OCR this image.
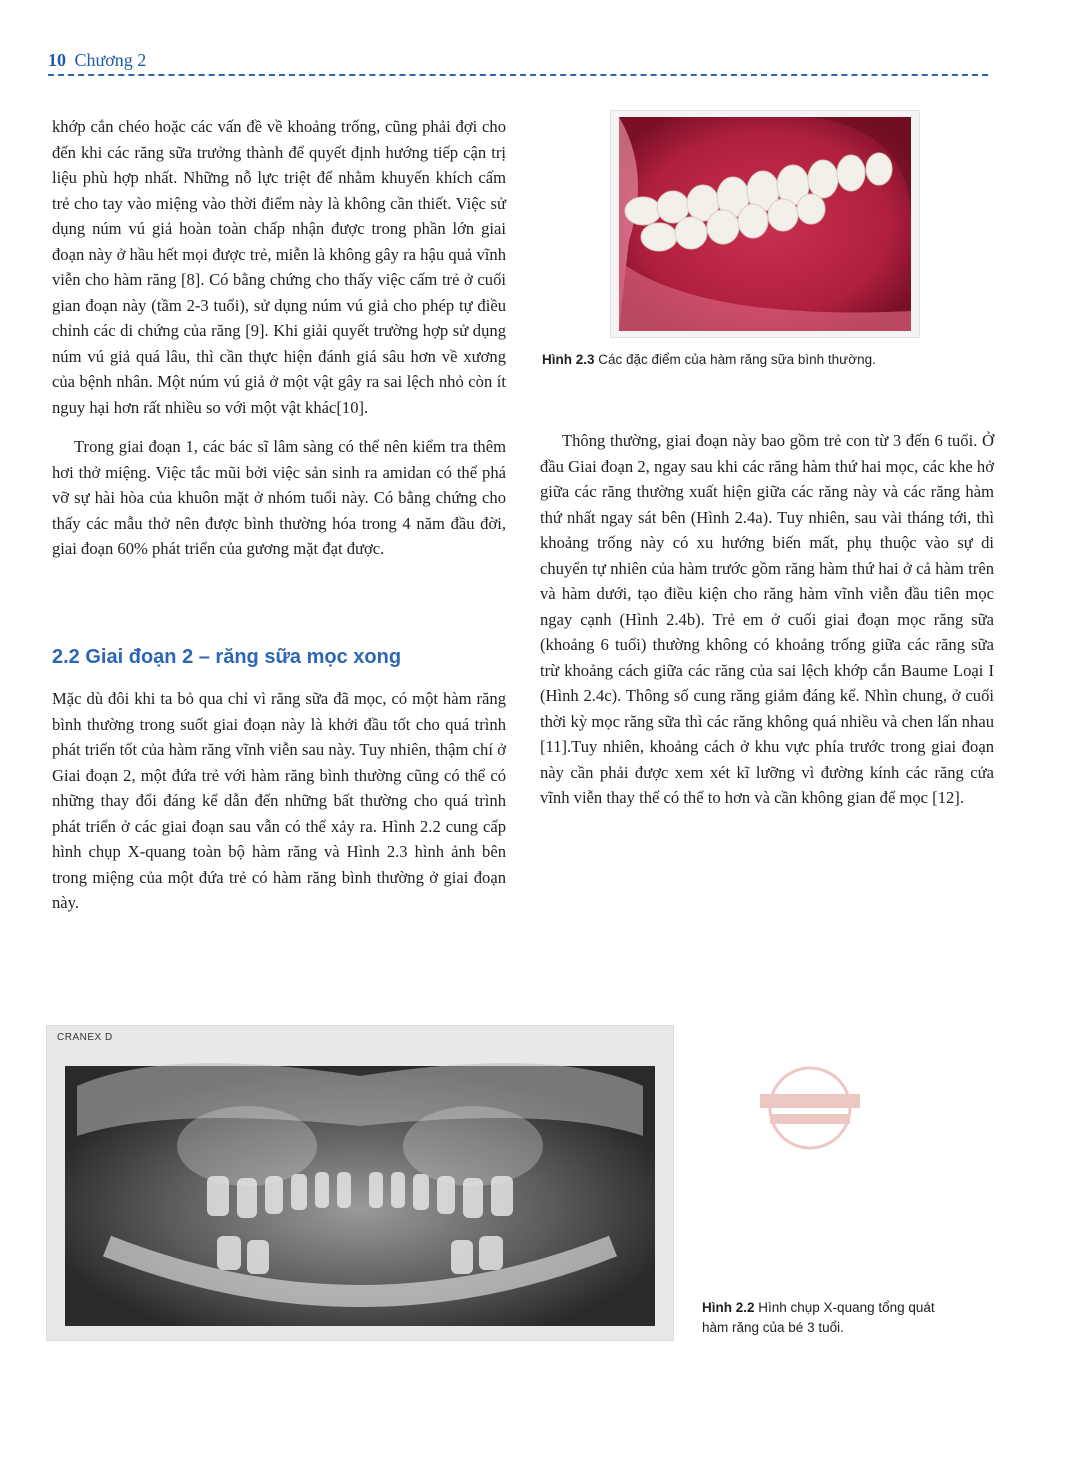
10 Chương 2

khớp cắn chéo hoặc các vấn đề về khoảng trống, cũng phải đợi cho đến khi các răng sữa trưởng thành để quyết định hướng tiếp cận trị liệu phù hợp nhất. Những nỗ lực triệt để nhằm khuyến khích cấm trẻ cho tay vào miệng vào thời điểm này là không cần thiết. Việc sử dụng núm vú giả hoàn toàn chấp nhận được trong phần lớn giai đoạn này ở hầu hết mọi được trẻ, miễn là không gây ra hậu quả vĩnh viễn cho hàm răng [8]. Có bằng chứng cho thấy việc cấm trẻ ở cuối gian đoạn này (tầm 2-3 tuổi), sử dụng núm vú giả cho phép tự điều chỉnh các di chứng của răng [9]. Khi giải quyết trường hợp sử dụng núm vú giả quá lâu, thì cần thực hiện đánh giá sâu hơn về xương của bệnh nhân. Một núm vú giả ở một vật gây ra sai lệch nhỏ còn ít nguy hại hơn rất nhiều so với một vật khác[10].

Trong giai đoạn 1, các bác sĩ lâm sàng có thể nên kiểm tra thêm hơi thở miệng. Việc tắc mũi bởi việc sản sinh ra amidan có thể phá vỡ sự hài hòa của khuôn mặt ở nhóm tuổi này. Có bằng chứng cho thấy các mẫu thở nên được bình thường hóa trong 4 năm đầu đời, giai đoạn 60% phát triển của gương mặt đạt được.

2.2 Giai đoạn 2 – răng sữa mọc xong

Mặc dù đôi khi ta bỏ qua chỉ vì răng sữa đã mọc, có một hàm răng bình thường trong suốt giai đoạn này là khởi đầu tốt cho quá trình phát triển tốt của hàm răng vĩnh viễn sau này. Tuy nhiên, thậm chí ở Giai đoạn 2, một đứa trẻ với hàm răng bình thường cũng có thể có những thay đổi đáng kể dẫn đến những bất thường cho quá trình phát triển ở các giai đoạn sau vẫn có thể xảy ra. Hình 2.2 cung cấp hình chụp X-quang toàn bộ hàm răng và Hình 2.3 hình ảnh bên trong miệng của một đứa trẻ có hàm răng bình thường ở giai đoạn này.

Hình 2.3 Các đặc điểm của hàm răng sữa bình thường.

Thông thường, giai đoạn này bao gồm trẻ con từ 3 đến 6 tuổi. Ở đầu Giai đoạn 2, ngay sau khi các răng hàm thứ hai mọc, các khe hở giữa các răng thường xuất hiện giữa các răng này và các răng hàm thứ nhất ngay sát bên (Hình 2.4a). Tuy nhiên, sau vài tháng tới, thì khoảng trống này có xu hướng biến mất, phụ thuộc vào sự di chuyển tự nhiên của hàm trước gồm răng hàm thứ hai ở cả hàm trên và hàm dưới, tạo điều kiện cho răng hàm vĩnh viễn đầu tiên mọc ngay cạnh (Hình 2.4b). Trẻ em ở cuối giai đoạn mọc răng sữa (khoảng 6 tuổi) thường không có khoảng trống giữa các răng sữa trừ khoảng cách giữa các răng của sai lệch khớp cắn Baume Loại I (Hình 2.4c). Thông số cung răng giảm đáng kể. Nhìn chung, ở cuối thời kỳ mọc răng sữa thì các răng không quá nhiều và chen lấn nhau [11].Tuy nhiên, khoảng cách ở khu vực phía trước trong giai đoạn này cần phải được xem xét kĩ lưỡng vì đường kính các răng cửa vĩnh viễn thay thế có thể to hơn và cần không gian để mọc [12].

CRANEX D
Hình 2.2 Hình chụp X-quang tổng quát hàm răng của bé 3 tuổi.
